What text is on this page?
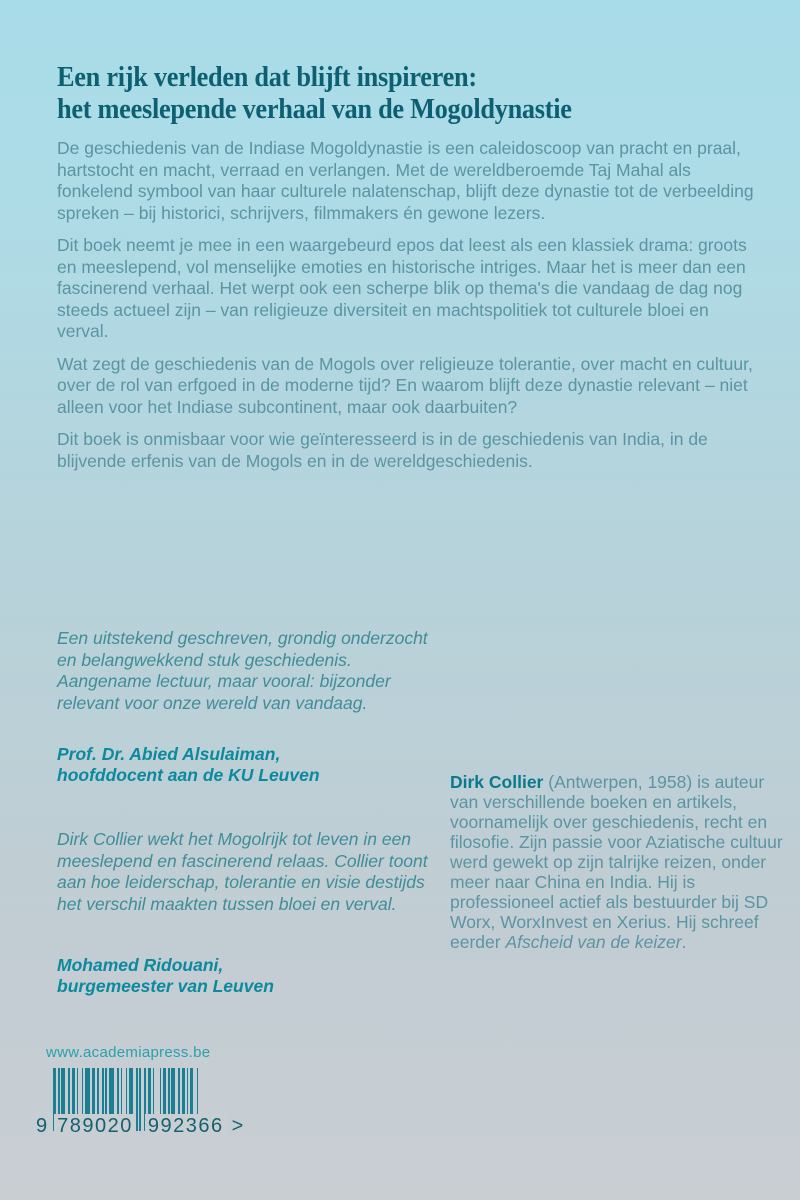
Een rijk verleden dat blijft inspireren:
het meeslepende verhaal van de Mogoldynastie

De geschiedenis van de Indiase Mogoldynastie is een caleidoscoop van pracht en praal, hartstocht en macht, verraad en verlangen. Met de wereldberoemde Taj Mahal als fonkelend symbool van haar culturele nalatenschap, blijft deze dynastie tot de verbeelding spreken – bij historici, schrijvers, filmmakers én gewone lezers.

Dit boek neemt je mee in een waargebeurd epos dat leest als een klassiek drama: groots en meeslepend, vol menselijke emoties en historische intriges. Maar het is meer dan een fascinerend verhaal. Het werpt ook een scherpe blik op thema's die vandaag de dag nog steeds actueel zijn – van religieuze diversiteit en machtspolitiek tot culturele bloei en verval.

Wat zegt de geschiedenis van de Mogols over religieuze tolerantie, over macht en cultuur, over de rol van erfgoed in de moderne tijd? En waarom blijft deze dynastie relevant – niet alleen voor het Indiase subcontinent, maar ook daarbuiten?

Dit boek is onmisbaar voor wie geïnteresseerd is in de geschiedenis van India, in de blijvende erfenis van de Mogols en in de wereldgeschiedenis.

Een uitstekend geschreven, grondig onderzocht en belangwekkend stuk geschiedenis. Aangename lectuur, maar vooral: bijzonder relevant voor onze wereld van vandaag.
Prof. Dr. Abied Alsulaiman,
hoofddocent aan de KU Leuven
Dirk Collier wekt het Mogolrijk tot leven in een meeslepend en fascinerend relaas. Collier toont aan hoe leiderschap, tolerantie en visie destijds het verschil maakten tussen bloei en verval.
Mohamed Ridouani,
burgemeester van Leuven
Dirk Collier (Antwerpen, 1958) is auteur van verschillende boeken en artikels, voornamelijk over geschiedenis, recht en filosofie. Zijn passie voor Aziatische cultuur werd gewekt op zijn talrijke reizen, onder meer naar China en India. Hij is professioneel actief als bestuurder bij SD Worx, WorxInvest en Xerius. Hij schreef eerder Afscheid van de keizer.
www.academiapress.be
9 789020 992366 >
